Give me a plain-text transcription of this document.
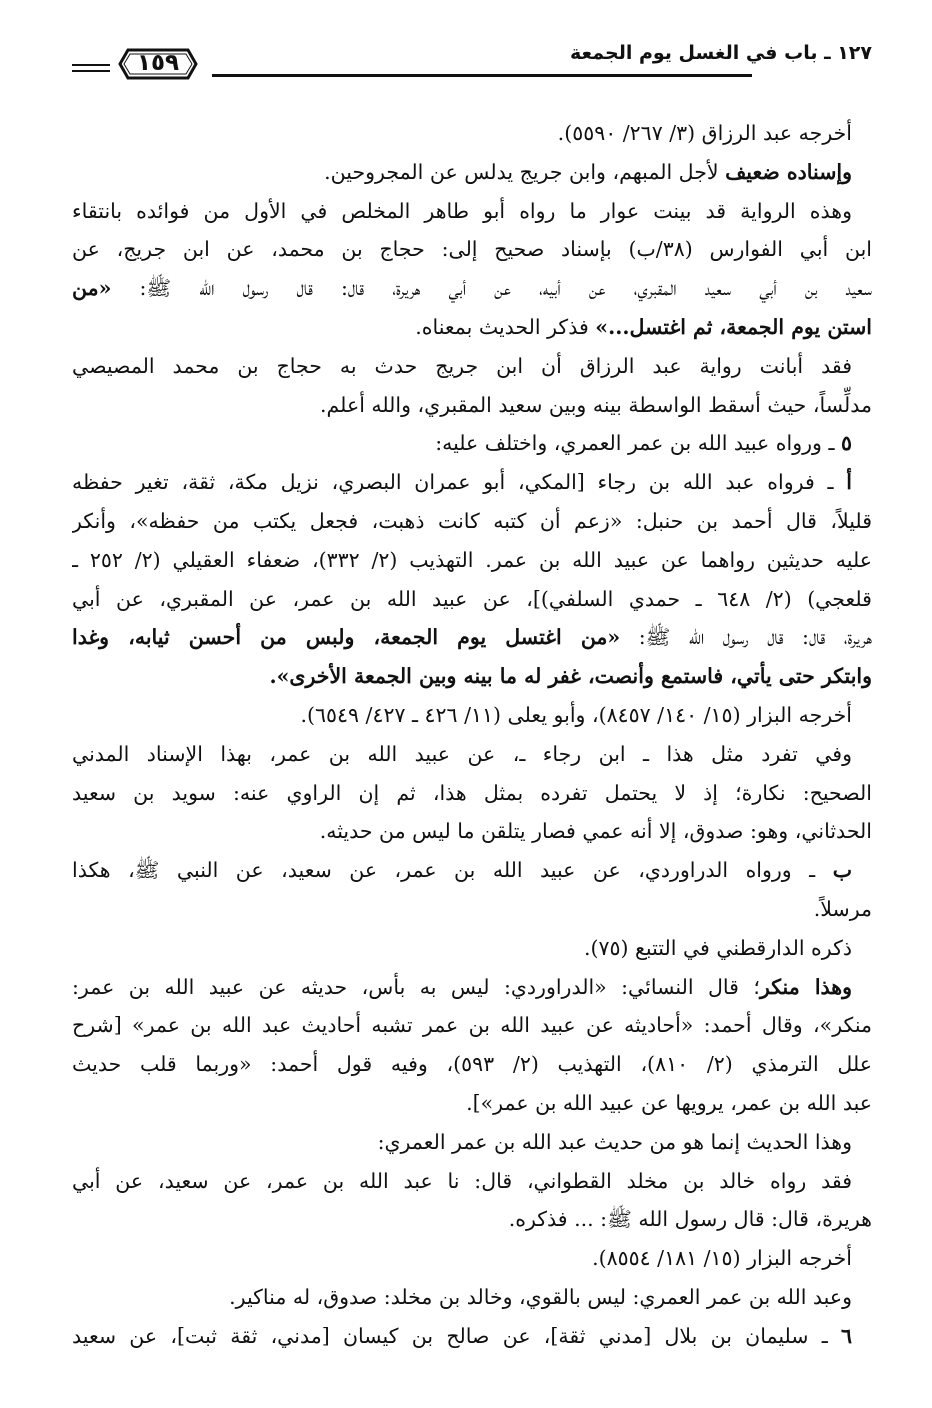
١٢٧ ـ باب في الغسل يوم الجمعة
١٥٩
أخرجه عبد الرزاق (٣/ ٢٦٧/ ٥٥٩٠).
وإسناده ضعيف لأجل المبهم، وابن جريج يدلس عن المجروحين.
وهذه الرواية قد بينت عوار ما رواه أبو طاهر المخلص في الأول من فوائده بانتقاء
ابن أبي الفوارس (٣٨/ب) بإسناد صحيح إلى: حجاج بن محمد، عن ابن جريج، عن
سعيد بن أبي سعيد المقبري، عن أبيه، عن أبي هريرة، قال: قال رسول الله ﷺ: «من
استن يوم الجمعة، ثم اغتسل...» فذكر الحديث بمعناه.
فقد أبانت رواية عبد الرزاق أن ابن جريج حدث به حجاج بن محمد المصيصي
مدلِّساً، حيث أسقط الواسطة بينه وبين سعيد المقبري، والله أعلم.
٥ ـ ورواه عبيد الله بن عمر العمري، واختلف عليه:
أ ـ فرواه عبد الله بن رجاء [المكي، أبو عمران البصري، نزيل مكة، ثقة، تغير حفظه
قليلاً، قال أحمد بن حنبل: «زعم أن كتبه كانت ذهبت، فجعل يكتب من حفظه»، وأنكر
عليه حديثين رواهما عن عبيد الله بن عمر. التهذيب (٢/ ٣٣٢)، ضعفاء العقيلي (٢/ ٢٥٢ ـ
قلعجي) (٢/ ٦٤٨ ـ حمدي السلفي)]، عن عبيد الله بن عمر، عن المقبري، عن أبي
هريرة، قال: قال رسول الله ﷺ: «من اغتسل يوم الجمعة، ولبس من أحسن ثيابه، وغدا
وابتكر حتى يأتي، فاستمع وأنصت، غفر له ما بينه وبين الجمعة الأخرى».
أخرجه البزار (١٥/ ١٤٠/ ٨٤٥٧)، وأبو يعلى (١١/ ٤٢٦ ـ ٤٢٧/ ٦٥٤٩).
وفي تفرد مثل هذا ـ ابن رجاء ـ، عن عبيد الله بن عمر، بهذا الإسناد المدني
الصحيح: نكارة؛ إذ لا يحتمل تفرده بمثل هذا، ثم إن الراوي عنه: سويد بن سعيد
الحدثاني، وهو: صدوق، إلا أنه عمي فصار يتلقن ما ليس من حديثه.
ب ـ ورواه الدراوردي، عن عبيد الله بن عمر، عن سعيد، عن النبي ﷺ، هكذا
مرسلاً.
ذكره الدارقطني في التتبع (٧٥).
وهذا منكر؛ قال النسائي: «الدراوردي: ليس به بأس، حديثه عن عبيد الله بن عمر:
منكر»، وقال أحمد: «أحاديثه عن عبيد الله بن عمر تشبه أحاديث عبد الله بن عمر» [شرح
علل الترمذي (٢/ ٨١٠)، التهذيب (٢/ ٥٩٣)، وفيه قول أحمد: «وربما قلب حديث
عبد الله بن عمر، يرويها عن عبيد الله بن عمر»].
وهذا الحديث إنما هو من حديث عبد الله بن عمر العمري:
فقد رواه خالد بن مخلد القطواني، قال: نا عبد الله بن عمر، عن سعيد، عن أبي
هريرة، قال: قال رسول الله ﷺ: ... فذكره.
أخرجه البزار (١٥/ ١٨١/ ٨٥٥٤).
وعبد الله بن عمر العمري: ليس بالقوي، وخالد بن مخلد: صدوق، له مناكير.
٦ ـ سليمان بن بلال [مدني ثقة]، عن صالح بن كيسان [مدني، ثقة ثبت]، عن سعيد
